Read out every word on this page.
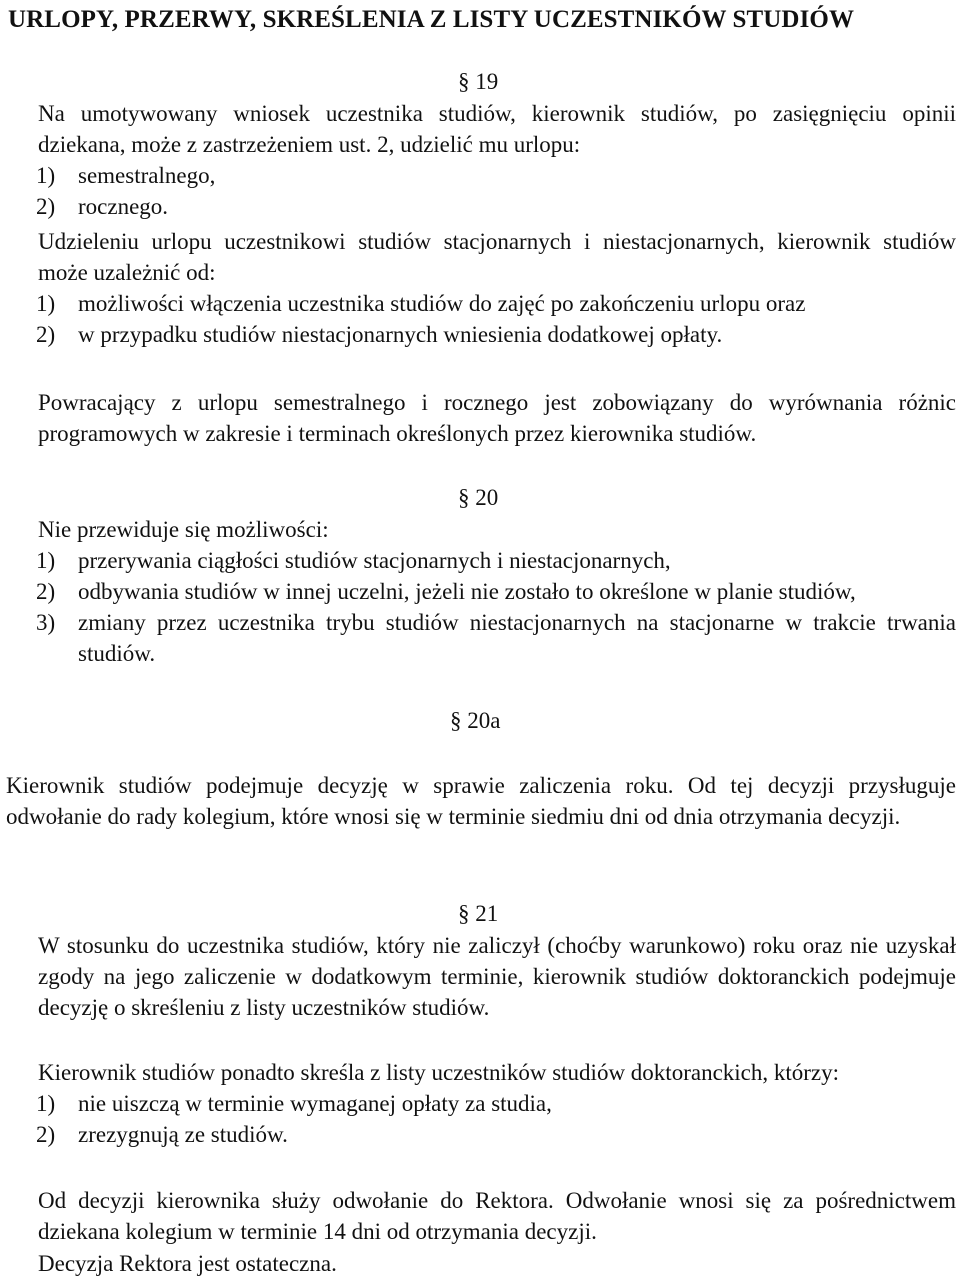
URLOPY, PRZERWY, SKREŚLENIA Z LISTY UCZESTNIKÓW STUDIÓW

§ 19

Na umotywowany wniosek uczestnika studiów, kierownik studiów, po zasięgnięciu opinii dziekana, może z zastrzeżeniem ust. 2, udzielić mu urlopu:
1) semestralnego,
2) rocznego.
Udzieleniu urlopu uczestnikowi studiów stacjonarnych i niestacjonarnych, kierownik studiów może uzależnić od:
1) możliwości włączenia uczestnika studiów do zajęć po zakończeniu urlopu oraz
2) w przypadku studiów niestacjonarnych wniesienia dodatkowej opłaty.
Powracający z urlopu semestralnego i rocznego jest zobowiązany do wyrównania różnic programowych w zakresie i terminach określonych przez kierownika studiów.

§ 20

Nie przewiduje się możliwości:
1) przerywania ciągłości studiów stacjonarnych i niestacjonarnych,
2) odbywania studiów w innej uczelni, jeżeli nie zostało to określone w planie studiów,
3) zmiany przez uczestnika trybu studiów niestacjonarnych na stacjonarne w trakcie trwania studiów.

§ 20a

Kierownik studiów podejmuje decyzję w sprawie zaliczenia roku. Od tej decyzji przysługuje odwołanie do rady kolegium, które wnosi się w terminie siedmiu dni od dnia otrzymania decyzji.

§ 21

W stosunku do uczestnika studiów, który nie zaliczył (choćby warunkowo) roku oraz nie uzyskał zgody na jego zaliczenie w dodatkowym terminie, kierownik studiów doktoranckich podejmuje decyzję o skreśleniu z listy uczestników studiów.
Kierownik studiów ponadto skreśla z listy uczestników studiów doktoranckich, którzy:
1) nie uiszczą w terminie wymaganej opłaty za studia,
2) zrezygnują ze studiów.
Od decyzji kierownika służy odwołanie do Rektora. Odwołanie wnosi się za pośrednictwem dziekana kolegium w terminie 14 dni od otrzymania decyzji.
Decyzja Rektora jest ostateczna.
